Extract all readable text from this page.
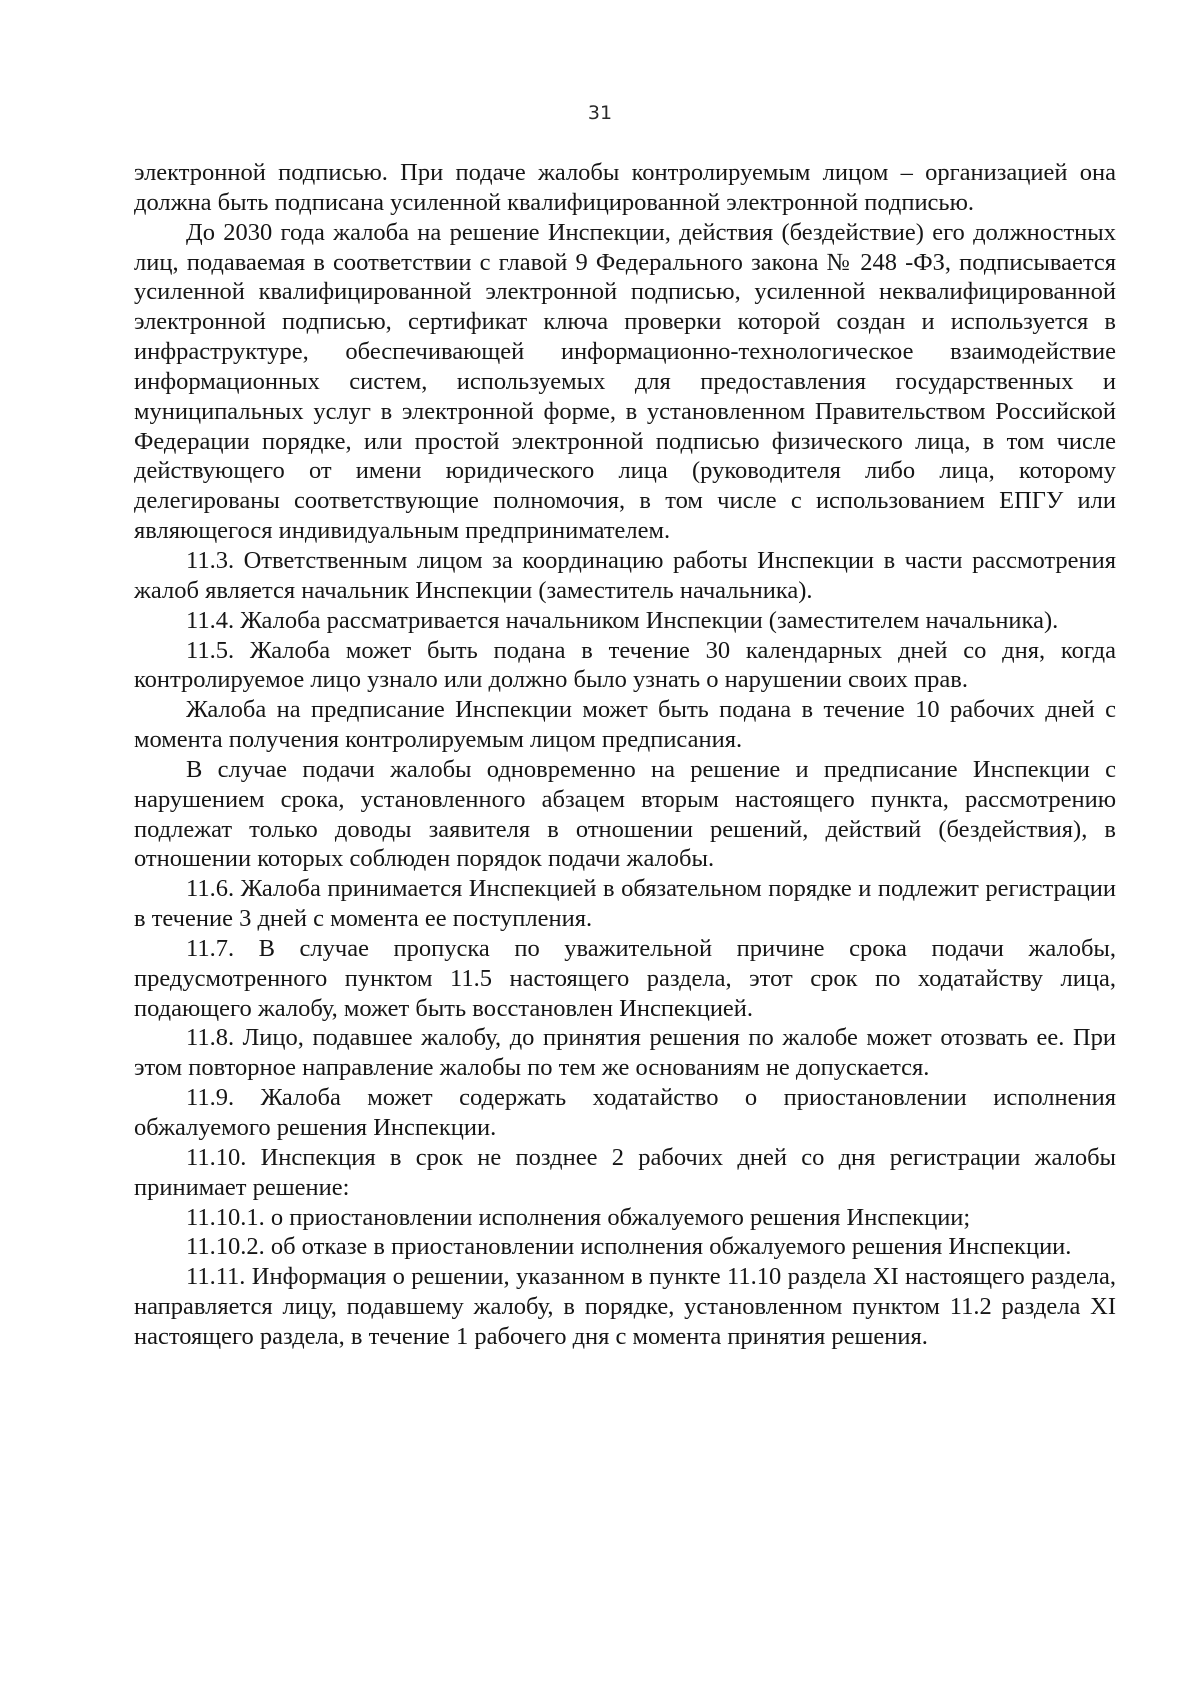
31

электронной подписью. При подаче жалобы контролируемым лицом – организацией она должна быть подписана усиленной квалифицированной электронной подписью.

До 2030 года жалоба на решение Инспекции, действия (бездействие) его должностных лиц, подаваемая в соответствии с главой 9 Федерального закона № 248 -ФЗ, подписывается усиленной квалифицированной электронной подписью, усиленной неквалифицированной электронной подписью, сертификат ключа проверки которой создан и используется в инфраструктуре, обеспечивающей информационно-технологическое взаимодействие информационных систем, используемых для предоставления государственных и муниципальных услуг в электронной форме, в установленном Правительством Российской Федерации порядке, или простой электронной подписью физического лица, в том числе действующего от имени юридического лица (руководителя либо лица, которому делегированы соответствующие полномочия, в том числе с использованием ЕПГУ или являющегося индивидуальным предпринимателем.

11.3. Ответственным лицом за координацию работы Инспекции в части рассмотрения жалоб является начальник Инспекции (заместитель начальника).

11.4. Жалоба рассматривается начальником Инспекции (заместителем начальника).

11.5. Жалоба может быть подана в течение 30 календарных дней со дня, когда контролируемое лицо узнало или должно было узнать о нарушении своих прав.

Жалоба на предписание Инспекции может быть подана в течение 10 рабочих дней с момента получения контролируемым лицом предписания.

В случае подачи жалобы одновременно на решение и предписание Инспекции с нарушением срока, установленного абзацем вторым настоящего пункта, рассмотрению подлежат только доводы заявителя в отношении решений, действий (бездействия), в отношении которых соблюден порядок подачи жалобы.

11.6. Жалоба принимается Инспекцией в обязательном порядке и подлежит регистрации в течение 3 дней с момента ее поступления.

11.7. В случае пропуска по уважительной причине срока подачи жалобы, предусмотренного пунктом 11.5 настоящего раздела, этот срок по ходатайству лица, подающего жалобу, может быть восстановлен Инспекцией.

11.8. Лицо, подавшее жалобу, до принятия решения по жалобе может отозвать ее. При этом повторное направление жалобы по тем же основаниям не допускается.

11.9. Жалоба может содержать ходатайство о приостановлении исполнения обжалуемого решения Инспекции.

11.10. Инспекция в срок не позднее 2 рабочих дней со дня регистрации жалобы принимает решение:

11.10.1. о приостановлении исполнения обжалуемого решения Инспекции;

11.10.2. об отказе в приостановлении исполнения обжалуемого решения Инспекции.

11.11. Информация о решении, указанном в пункте 11.10 раздела XI настоящего раздела, направляется лицу, подавшему жалобу, в порядке, установленном пунктом 11.2 раздела XI настоящего раздела, в течение 1 рабочего дня с момента принятия решения.
